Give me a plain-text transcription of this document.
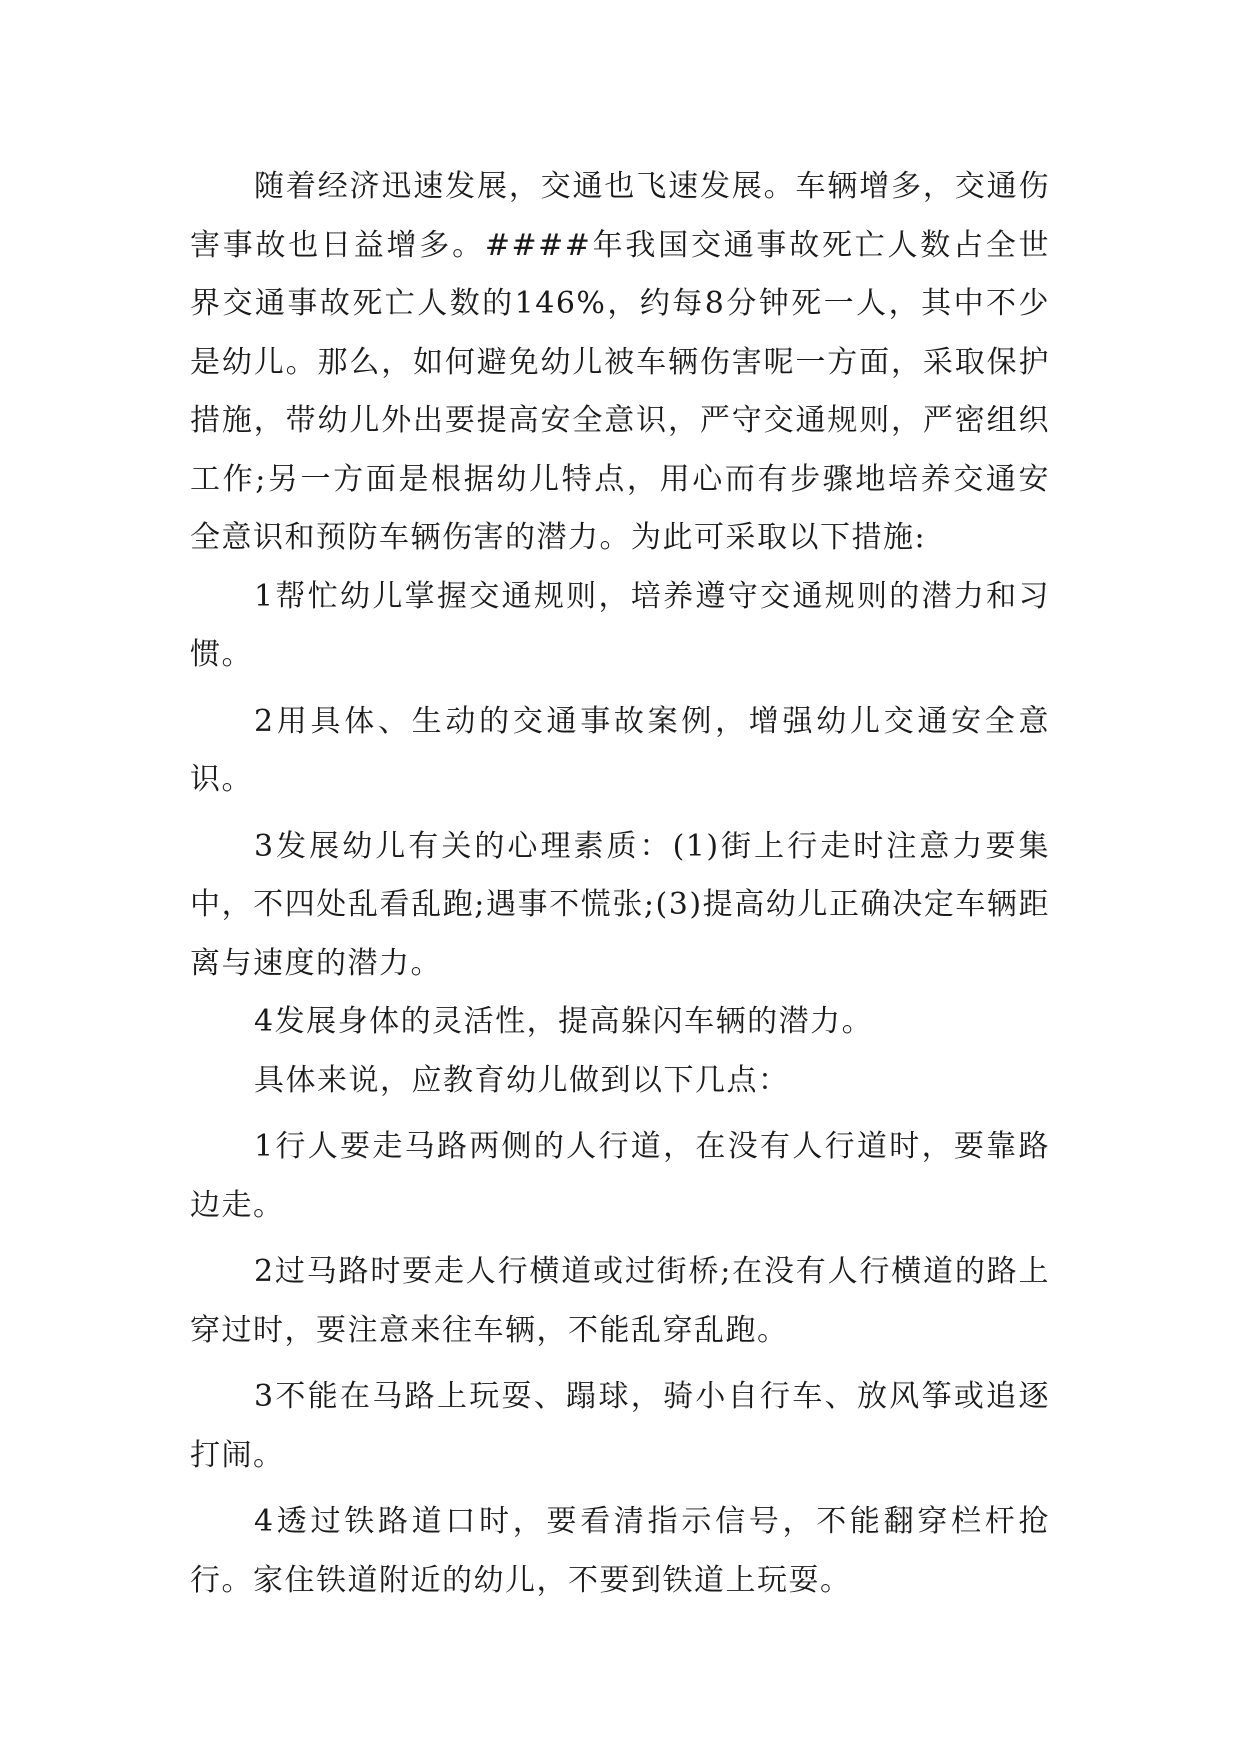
随着经济迅速发展，交通也飞速发展。车辆增多，交通伤害事故也日益增多。####年我国交通事故死亡人数占全世界交通事故死亡人数的146%，约每8分钟死一人，其中不少是幼儿。那么，如何避免幼儿被车辆伤害呢一方面，采取保护措施，带幼儿外出要提高安全意识，严守交通规则，严密组织工作;另一方面是根据幼儿特点，用心而有步骤地培养交通安全意识和预防车辆伤害的潜力。为此可采取以下措施:

1帮忙幼儿掌握交通规则，培养遵守交通规则的潜力和习惯。

2用具体、生动的交通事故案例，增强幼儿交通安全意识。

3发展幼儿有关的心理素质：(1)街上行走时注意力要集中，不四处乱看乱跑;遇事不慌张;(3)提高幼儿正确决定车辆距离与速度的潜力。

4发展身体的灵活性，提高躲闪车辆的潜力。

具体来说，应教育幼儿做到以下几点：

1行人要走马路两侧的人行道，在没有人行道时，要靠路边走。

2过马路时要走人行横道或过街桥;在没有人行横道的路上穿过时，要注意来往车辆，不能乱穿乱跑。

3不能在马路上玩耍、蹋球，骑小自行车、放风筝或追逐打闹。

4透过铁路道口时，要看清指示信号，不能翻穿栏杆抢行。家住铁道附近的幼儿，不要到铁道上玩耍。
